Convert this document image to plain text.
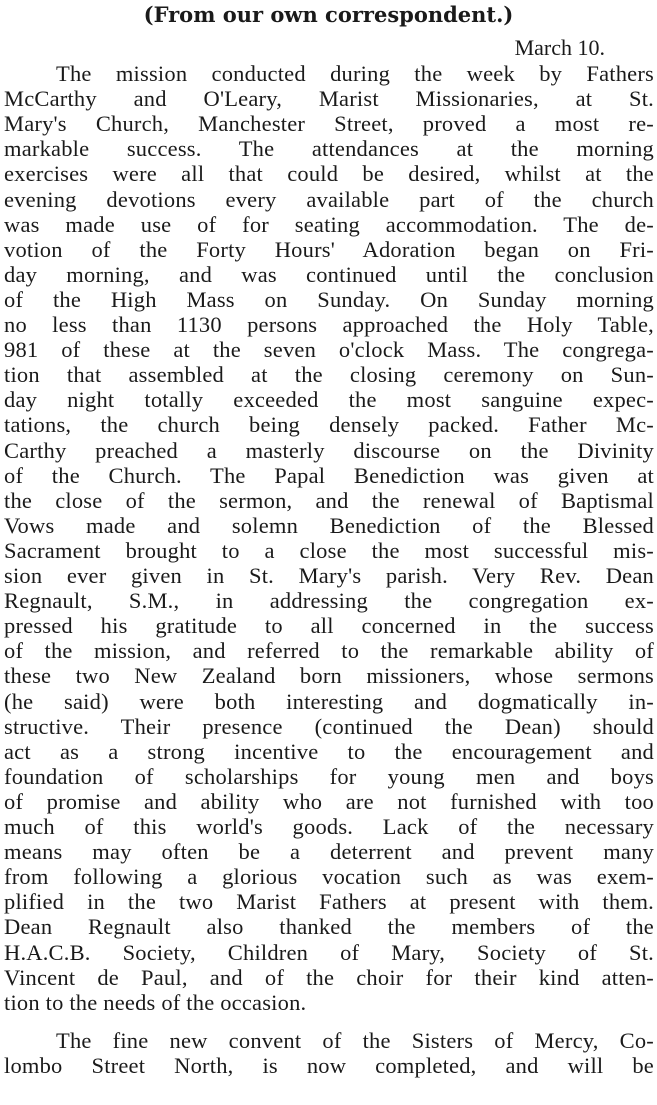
(From our own correspondent.)
March 10.
The mission conducted during the week by Fathers
McCarthy and O'Leary, Marist Missionaries, at St.
Mary's Church, Manchester Street, proved a most re-
markable success. The attendances at the morning
exercises were all that could be desired, whilst at the
evening devotions every available part of the church
was made use of for seating accommodation. The de-
votion of the Forty Hours' Adoration began on Fri-
day morning, and was continued until the conclusion
of the High Mass on Sunday. On Sunday morning
no less than 1130 persons approached the Holy Table,
981 of these at the seven o'clock Mass. The congrega-
tion that assembled at the closing ceremony on Sun-
day night totally exceeded the most sanguine expec-
tations, the church being densely packed. Father Mc-
Carthy preached a masterly discourse on the Divinity
of the Church. The Papal Benediction was given at
the close of the sermon, and the renewal of Baptismal
Vows made and solemn Benediction of the Blessed
Sacrament brought to a close the most successful mis-
sion ever given in St. Mary's parish. Very Rev. Dean
Regnault, S.M., in addressing the congregation ex-
pressed his gratitude to all concerned in the success
of the mission, and referred to the remarkable ability of
these two New Zealand born missioners, whose sermons
(he said) were both interesting and dogmatically in-
structive. Their presence (continued the Dean) should
act as a strong incentive to the encouragement and
foundation of scholarships for young men and boys
of promise and ability who are not furnished with too
much of this world's goods. Lack of the necessary
means may often be a deterrent and prevent many
from following a glorious vocation such as was exem-
plified in the two Marist Fathers at present with them.
Dean Regnault also thanked the members of the
H.A.C.B. Society, Children of Mary, Society of St.
Vincent de Paul, and of the choir for their kind atten-
tion to the needs of the occasion.
The fine new convent of the Sisters of Mercy, Co-
lombo Street North, is now completed, and will be
